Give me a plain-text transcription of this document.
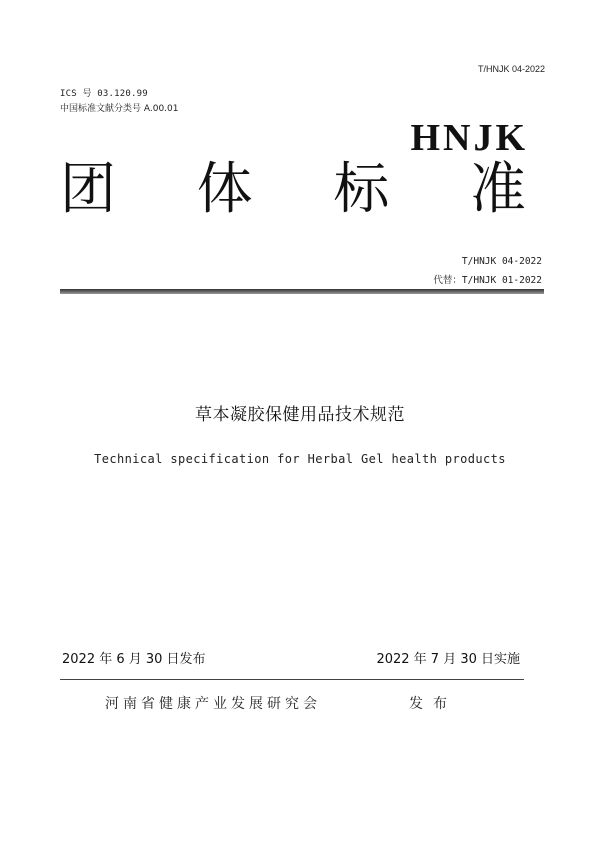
T/HNJK 04-2022
ICS 号 03.120.99
中国标准文献分类号 A.00.01
HNJK
团 体 标 准
T/HNJK 04-2022
代替：T/HNJK 01-2022
草本凝胶保健用品技术规范
Technical specification for Herbal Gel health products
2022 年 6 月 30 日发布	2022 年 7 月 30 日实施
河南省健康产业发展研究会	发布
